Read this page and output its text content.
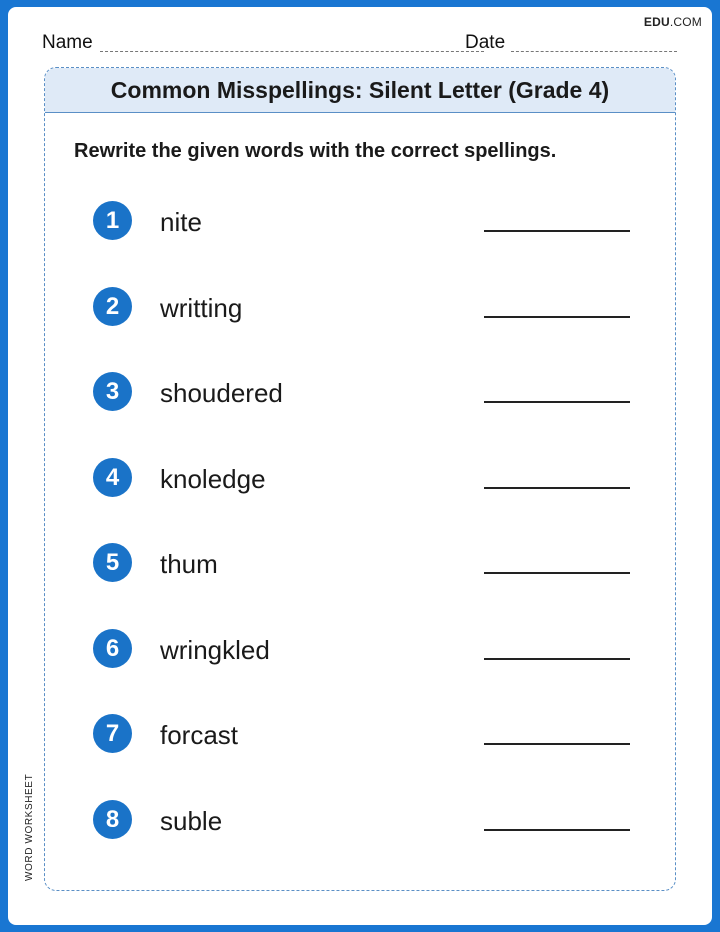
EDU.COM
Name	Date
Common Misspellings: Silent Letter (Grade 4)
Rewrite the given words with the correct spellings.
1	nite
2	writting
3	shoudered
4	knoledge
5	thum
6	wringkled
7	forcast
8	suble
WORD WORKSHEET
